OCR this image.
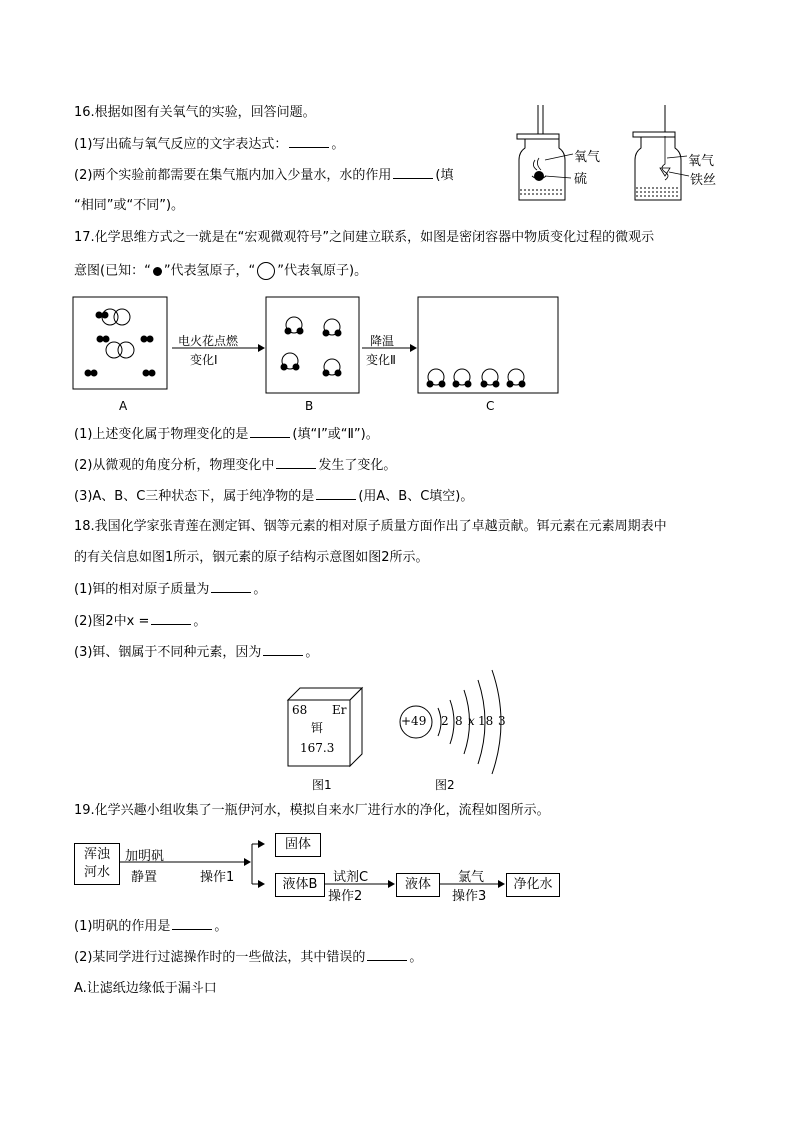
16.根据如图有关氧气的实验，回答问题。
(1)写出硫与氧气反应的文字表达式：	。
(2)两个实验前都需要在集气瓶内加入少量水，水的作用	(填
“相同”或“不同”)。
氧气
硫
氧气
铁丝
17.化学思维方式之一就是在“宏观微观符号”之间建立联系，如图是密闭容器中物质变化过程的微观示
意图(已知：“ ”代表氢原子，“ ”代表氧原子)。
电火花点燃
变化Ⅰ
降温
变化Ⅱ
A	B	C
(1)上述变化属于物理变化的是	(填“Ⅰ”或“Ⅱ”)。
(2)从微观的角度分析，物理变化中	发生了变化。
(3)A、B、C三种状态下，属于纯净物的是	(用A、B、C填空)。
18.我国化学家张青莲在测定铒、铟等元素的相对原子质量方面作出了卓越贡献。铒元素在元素周期表中
的有关信息如图1所示，铟元素的原子结构示意图如图2所示。
(1)铒的相对原子质量为	。
(2)图2中x =	。
(3)铒、铟属于不同种元素，因为	。
68 Er
铒
167.3
+49 2 8 x 18 3
图1	图2
19.化学兴趣小组收集了一瓶伊河水，模拟自来水厂进行水的净化，流程如图所示。
浑浊
河水
加明矾
静置	操作1
固体
液体B	试剂C
操作2
液体	氯气
操作3
净化水
(1)明矾的作用是	。
(2)某同学进行过滤操作时的一些做法，其中错误的	。
A.让滤纸边缘低于漏斗口
